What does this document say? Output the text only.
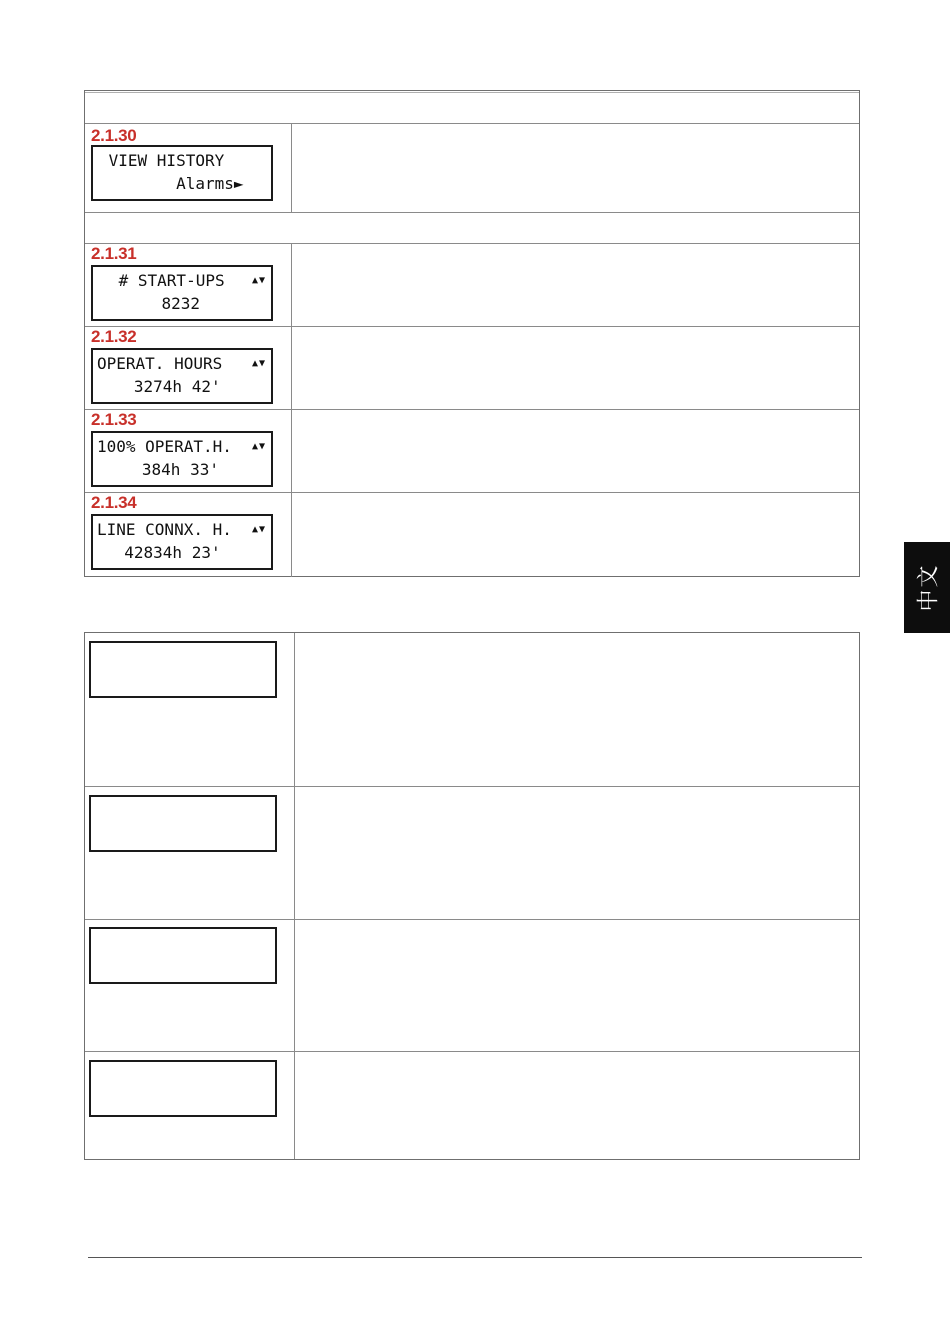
中文
2.1.30
VIEW HISTORY
Alarms►
2.1.31
# START-UPS	▲▼
8232
2.1.32
OPERAT. HOURS	▲▼
3274h 42'
2.1.33
100% OPERAT.H. ▲▼
384h 33'
2.1.34
LINE CONNX. H. ▲▼
42834h 23'
